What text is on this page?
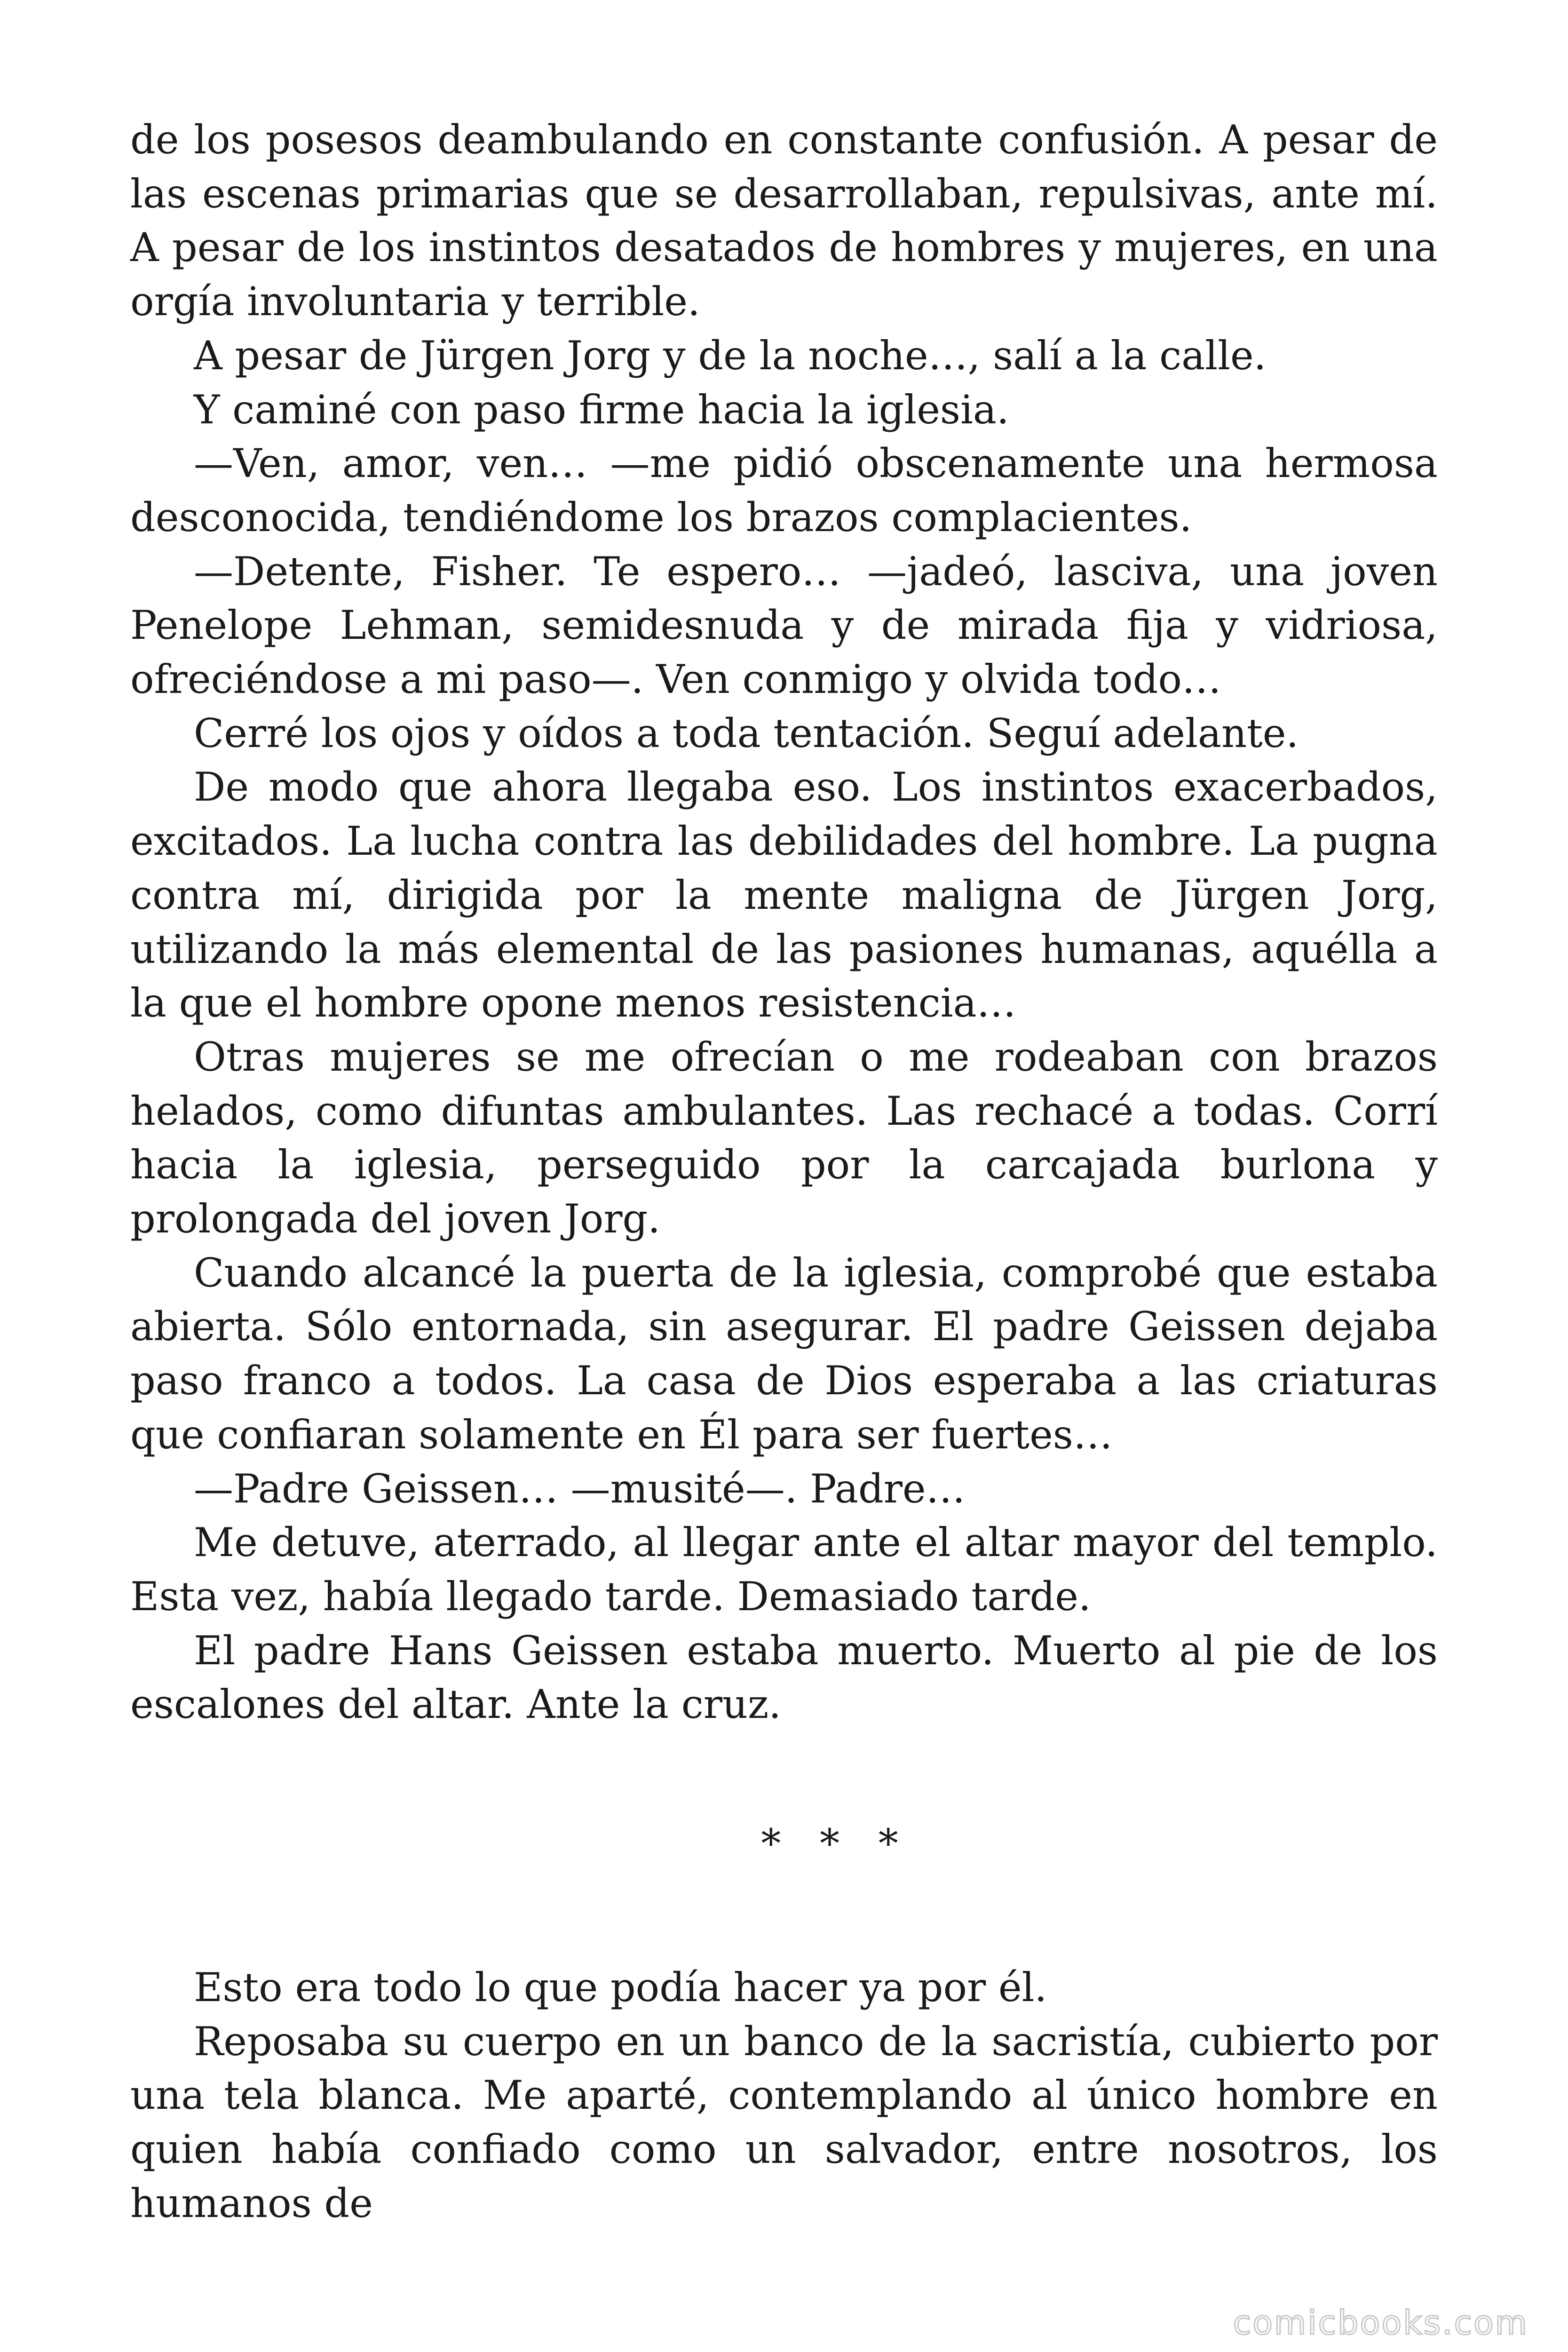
de los posesos deambulando en constante confusión. A pesar de las escenas primarias que se desarrollaban, repulsivas, ante mí. A pesar de los instintos desatados de hombres y mujeres, en una orgía involuntaria y terrible.

A pesar de Jürgen Jorg y de la noche…, salí a la calle.

Y caminé con paso firme hacia la iglesia.

—Ven, amor, ven… —me pidió obscenamente una hermosa desconocida, tendiéndome los brazos complacientes.

—Detente, Fisher. Te espero… —jadeó, lasciva, una joven Penelope Lehman, semidesnuda y de mirada fija y vidriosa, ofreciéndose a mi paso—. Ven conmigo y olvida todo…

Cerré los ojos y oídos a toda tentación. Seguí adelante.

De modo que ahora llegaba eso. Los instintos exacerbados, excitados. La lucha contra las debilidades del hombre. La pugna contra mí, dirigida por la mente maligna de Jürgen Jorg, utilizando la más elemental de las pasiones humanas, aquélla a la que el hombre opone menos resistencia…

Otras mujeres se me ofrecían o me rodeaban con brazos helados, como difuntas ambulantes. Las rechacé a todas. Corrí hacia la iglesia, perseguido por la carcajada burlona y prolongada del joven Jorg.

Cuando alcancé la puerta de la iglesia, comprobé que estaba abierta. Sólo entornada, sin asegurar. El padre Geissen dejaba paso franco a todos. La casa de Dios esperaba a las criaturas que confiaran solamente en Él para ser fuertes…

—Padre Geissen… —musité—. Padre…

Me detuve, aterrado, al llegar ante el altar mayor del templo. Esta vez, había llegado tarde. Demasiado tarde.

El padre Hans Geissen estaba muerto. Muerto al pie de los escalones del altar. Ante la cruz.

* * *

Esto era todo lo que podía hacer ya por él.

Reposaba su cuerpo en un banco de la sacristía, cubierto por una tela blanca. Me aparté, contemplando al único hombre en quien había confiado como un salvador, entre nosotros, los humanos de

comicbooks.com
